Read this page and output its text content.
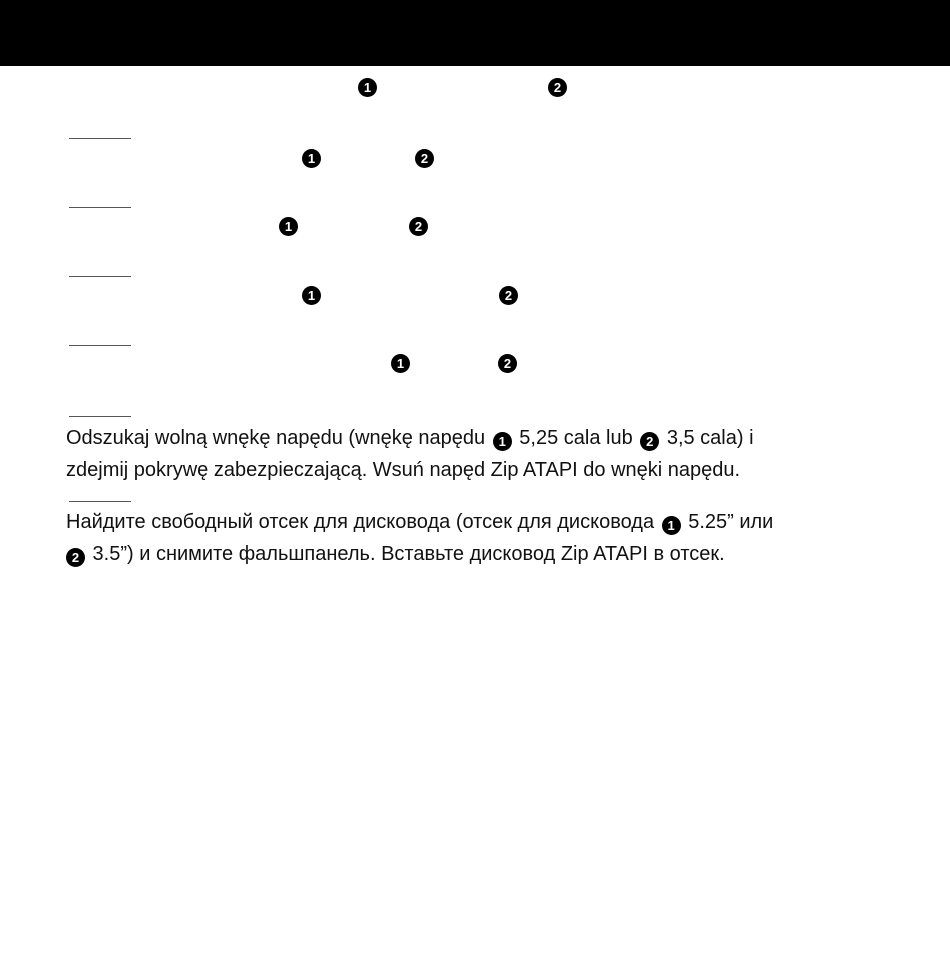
1	2
1	2
1	2
1	2
1	2
Odszukaj wolną wnękę napędu (wnękę napędu 1 5,25 cala lub 2 3,5 cala) i
zdejmij pokrywę zabezpieczającą. Wsuń napęd Zip ATAPI do wnęki napędu.
Найдите свободный отсек для дисковода (отсек для дисковода 1 5.25” или
2 3.5”) и снимите фальшпанель. Вставьте дисковод Zip ATAPI в отсек.
